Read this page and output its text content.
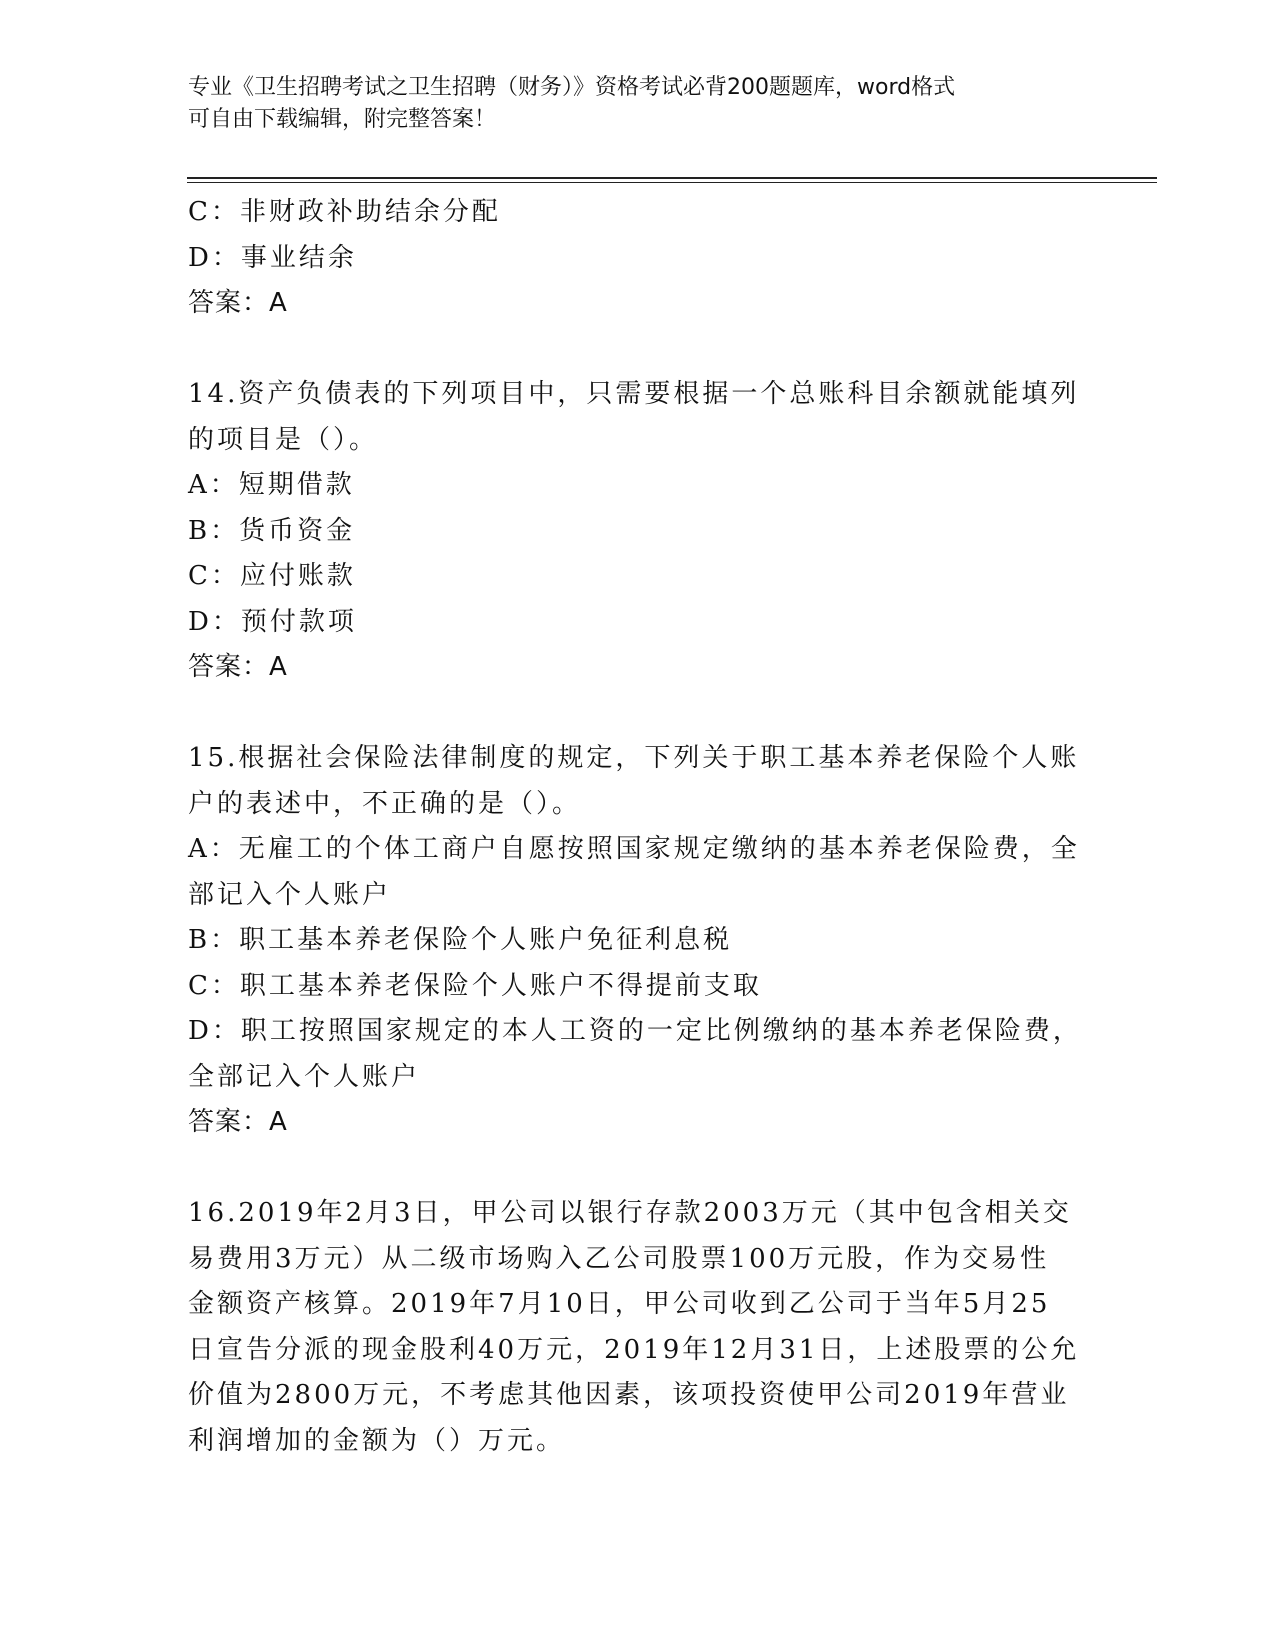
专业《卫生招聘考试之卫生招聘（财务）》资格考试必背200题题库，word格式
可自由下载编辑，附完整答案！
C：非财政补助结余分配
D：事业结余
答案：A
14.资产负债表的下列项目中，只需要根据一个总账科目余额就能填列
的项目是（）。
A：短期借款
B：货币资金
C：应付账款
D：预付款项
答案：A
15.根据社会保险法律制度的规定，下列关于职工基本养老保险个人账
户的表述中，不正确的是（）。
A：无雇工的个体工商户自愿按照国家规定缴纳的基本养老保险费，全
部记入个人账户
B：职工基本养老保险个人账户免征利息税
C：职工基本养老保险个人账户不得提前支取
D：职工按照国家规定的本人工资的一定比例缴纳的基本养老保险费，
全部记入个人账户
答案：A
16.2019年2月3日，甲公司以银行存款2003万元（其中包含相关交
易费用3万元）从二级市场购入乙公司股票100万元股，作为交易性
金额资产核算。2019年7月10日，甲公司收到乙公司于当年5月25
日宣告分派的现金股利40万元，2019年12月31日，上述股票的公允
价值为2800万元，不考虑其他因素，该项投资使甲公司2019年营业
利润增加的金额为（）万元。
